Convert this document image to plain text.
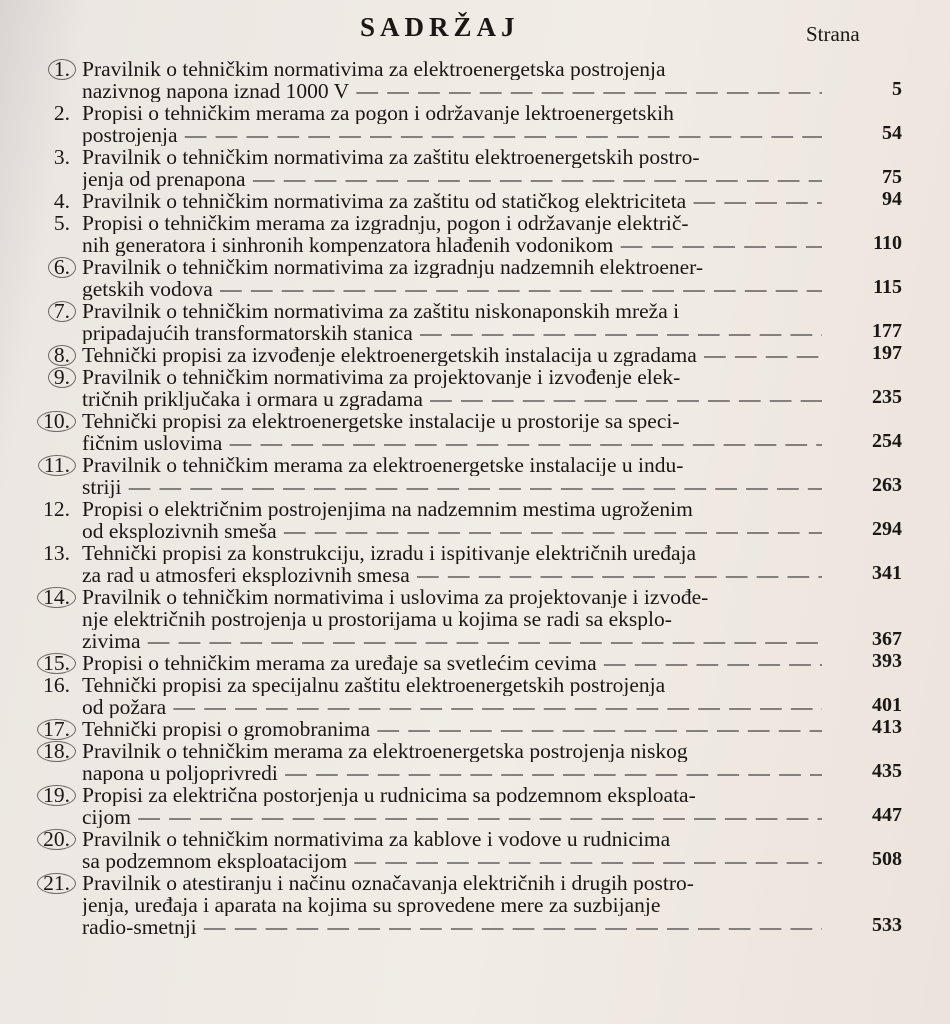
SADRŽAJ	Strana
1. Pravilnik o tehničkim normativima za elektroenergetska postrojenja
nazivnog napona iznad 1000 V — — —	5
2. Propisi o tehničkim merama za pogon i održavanje lektroenergetskih
postrojenja — — —	54
3. Pravilnik o tehničkim normativima za zaštitu elektroenergetskih postro-
jenja od prenapona — — —	75
4. Pravilnik o tehničkim normativima za zaštitu od statičkog elektriciteta — — —	94
5. Propisi o tehničkim merama za izgradnju, pogon i održavanje električ-
nih generatora i sinhronih kompenzatora hlađenih vodonikom — — —	110
6. Pravilnik o tehničkim normativima za izgradnju nadzemnih elektroener-
getskih vodova — — —	115
7. Pravilnik o tehničkim normativima za zaštitu niskonaponskih mreža i
pripadajućih transformatorskih stanica — — —	177
8. Tehnički propisi za izvođenje elektroenergetskih instalacija u zgradama — — —	197
9. Pravilnik o tehničkim normativima za projektovanje i izvođenje elek-
tričnih priključaka i ormara u zgradama — — —	235
10. Tehnički propisi za elektroenergetske instalacije u prostorije sa speci-
fičnim uslovima — — —	254
11. Pravilnik o tehničkim merama za elektroenergetske instalacije u indu-
striji — — —	263
12. Propisi o električnim postrojenjima na nadzemnim mestima ugroženim
od eksplozivnih smeša — — —	294
13. Tehnički propisi za konstrukciju, izradu i ispitivanje električnih uređaja
za rad u atmosferi eksplozivnih smesa — — —	341
14. Pravilnik o tehničkim normativima i uslovima za projektovanje i izvođe-
nje električnih postrojenja u prostorijama u kojima se radi sa eksplo-
zivima — — —	367
15. Propisi o tehničkim merama za uređaje sa svetlećim cevima — — —	393
16. Tehnički propisi za specijalnu zaštitu elektroenergetskih postrojenja
od požara — — —	401
17. Tehnički propisi o gromobranima — — —	413
18. Pravilnik o tehničkim merama za elektroenergetska postrojenja niskog
napona u poljoprivredi — — —	435
19. Propisi za električna postorjenja u rudnicima sa podzemnom eksploata-
cijom — — —	447
20. Pravilnik o tehničkim normativima za kablove i vodove u rudnicima
sa podzemnom eksploatacijom — — —	508
21. Pravilnik o atestiranju i načinu označavanja električnih i drugih postro-
jenja, uređaja i aparata na kojima su sprovedene mere za suzbijanje
radio-smetnji — — —	533
